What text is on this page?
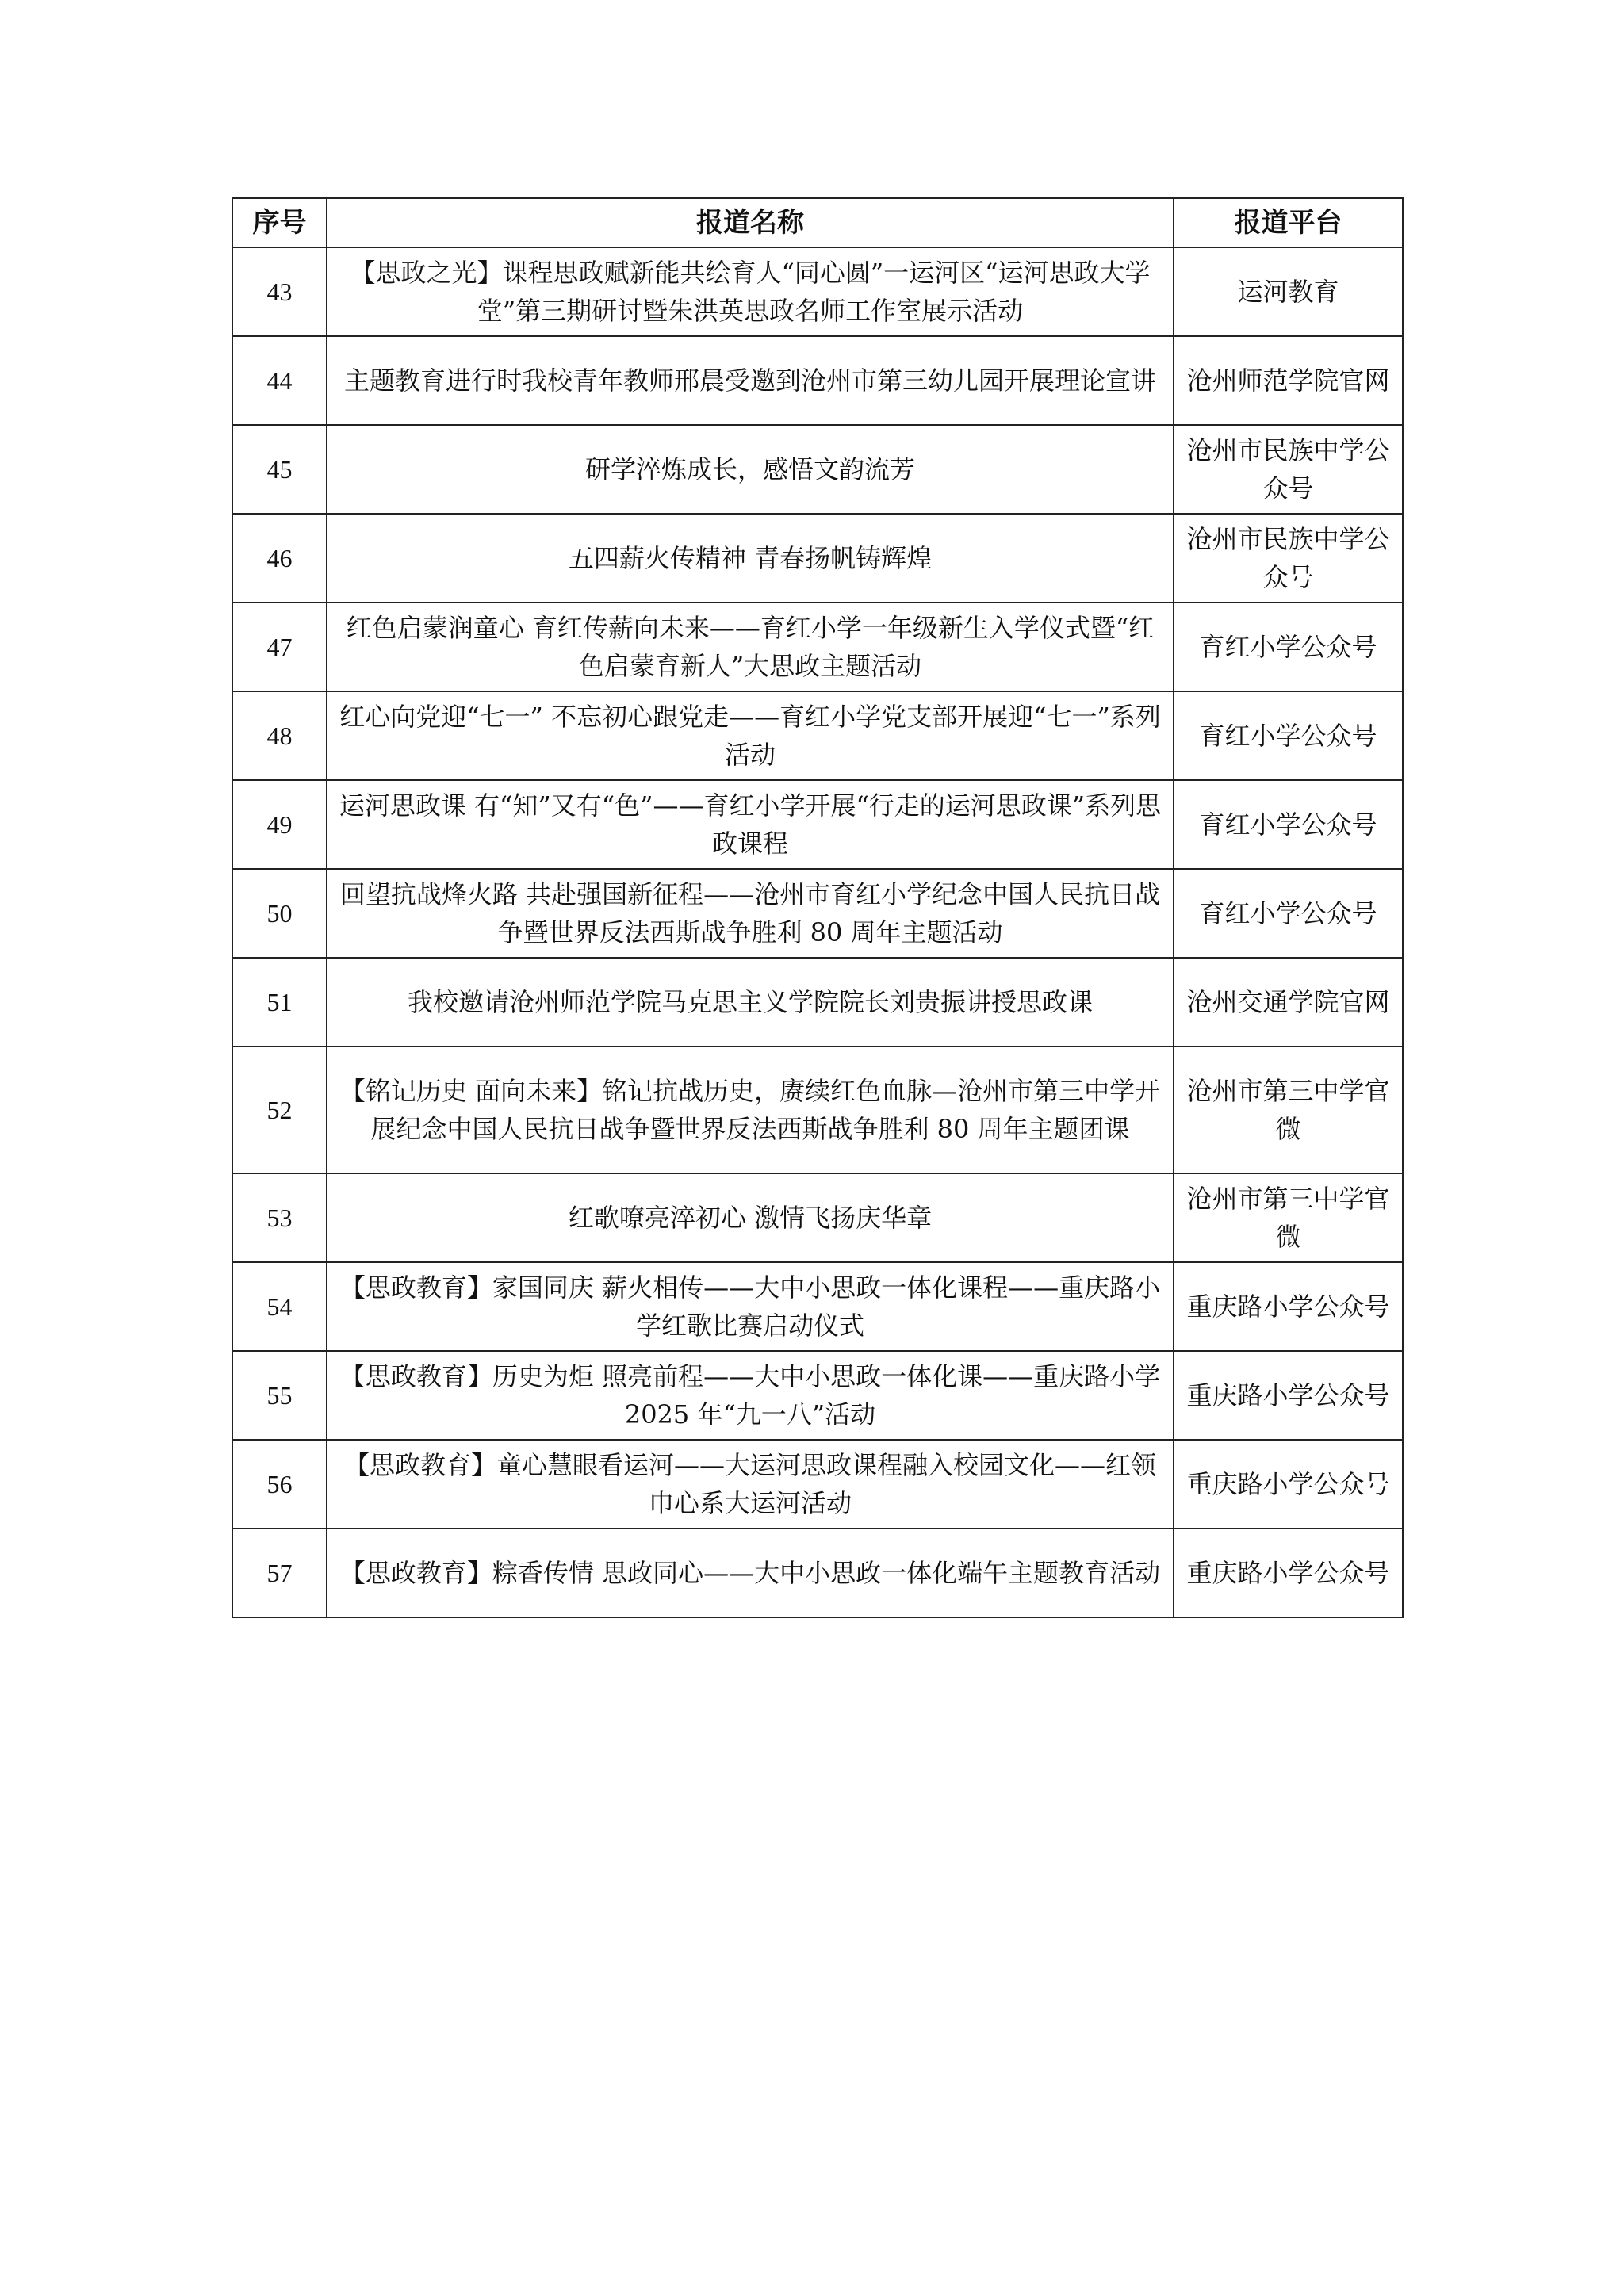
序号	报道名称	报道平台
43	【思政之光】课程思政赋新能共绘育人“同心圆”一运河区“运河思政大学堂”第三期研讨暨朱洪英思政名师工作室展示活动	运河教育
44	主题教育进行时我校青年教师邢晨受邀到沧州市第三幼儿园开展理论宣讲	沧州师范学院官网
45	研学淬炼成长，感悟文韵流芳	沧州市民族中学公众号
46	五四薪火传精神 青春扬帆铸辉煌	沧州市民族中学公众号
47	红色启蒙润童心 育红传薪向未来——育红小学一年级新生入学仪式暨“红色启蒙育新人”大思政主题活动	育红小学公众号
48	红心向党迎“七一” 不忘初心跟党走——育红小学党支部开展迎“七一”系列活动	育红小学公众号
49	运河思政课 有“知”又有“色”——育红小学开展“行走的运河思政课”系列思政课程	育红小学公众号
50	回望抗战烽火路 共赴强国新征程——沧州市育红小学纪念中国人民抗日战争暨世界反法西斯战争胜利 80 周年主题活动	育红小学公众号
51	我校邀请沧州师范学院马克思主义学院院长刘贵振讲授思政课	沧州交通学院官网
52	【铭记历史 面向未来】铭记抗战历史，赓续红色血脉—沧州市第三中学开展纪念中国人民抗日战争暨世界反法西斯战争胜利 80 周年主题团课	沧州市第三中学官微
53	红歌嘹亮淬初心 激情飞扬庆华章	沧州市第三中学官微
54	【思政教育】家国同庆 薪火相传——大中小思政一体化课程——重庆路小学红歌比赛启动仪式	重庆路小学公众号
55	【思政教育】历史为炬 照亮前程——大中小思政一体化课——重庆路小学 2025 年“九一八”活动	重庆路小学公众号
56	【思政教育】童心慧眼看运河——大运河思政课程融入校园文化——红领巾心系大运河活动	重庆路小学公众号
57	【思政教育】粽香传情 思政同心——大中小思政一体化端午主题教育活动	重庆路小学公众号
